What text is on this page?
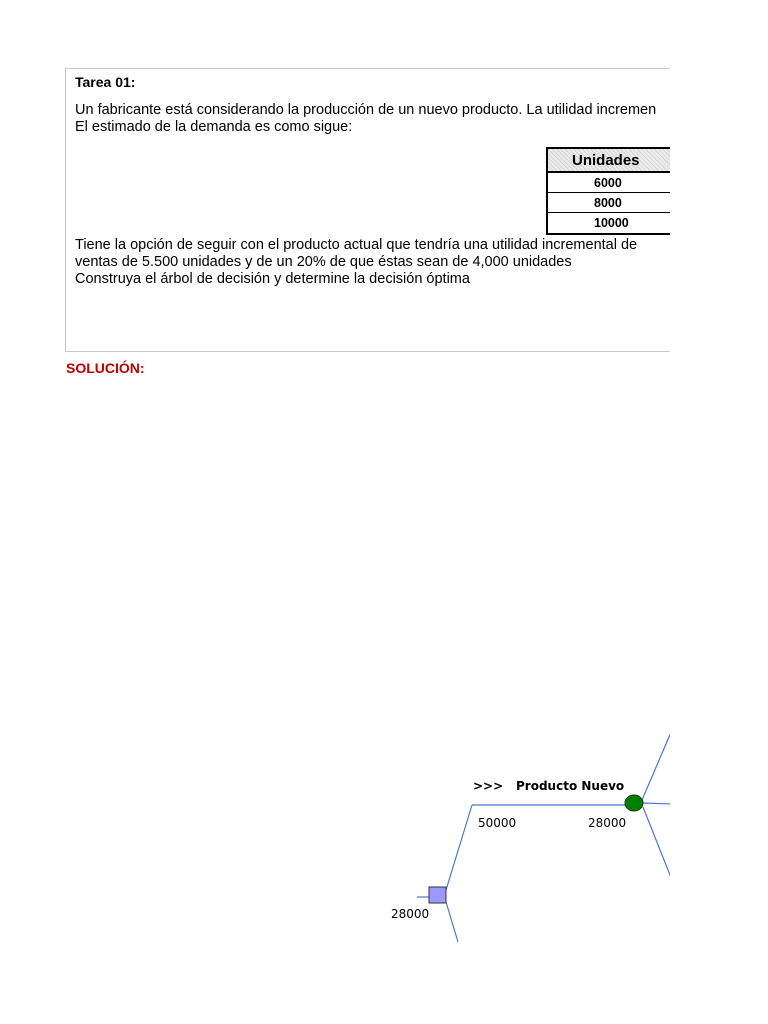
Tarea 01:
Un fabricante está considerando la producción de un nuevo producto. La utilidad incremen
El estimado de la demanda es como sigue:
Unidades
6000
8000
10000
Tiene la opción de seguir con el producto actual que tendría una utilidad incremental de
ventas de 5.500 unidades y de un 20% de que éstas sean de 4,000 unidades
Construya el árbol de decisión y determine la decisión óptima
SOLUCIÓN:
>>> Producto Nuevo
50000	28000
28000
